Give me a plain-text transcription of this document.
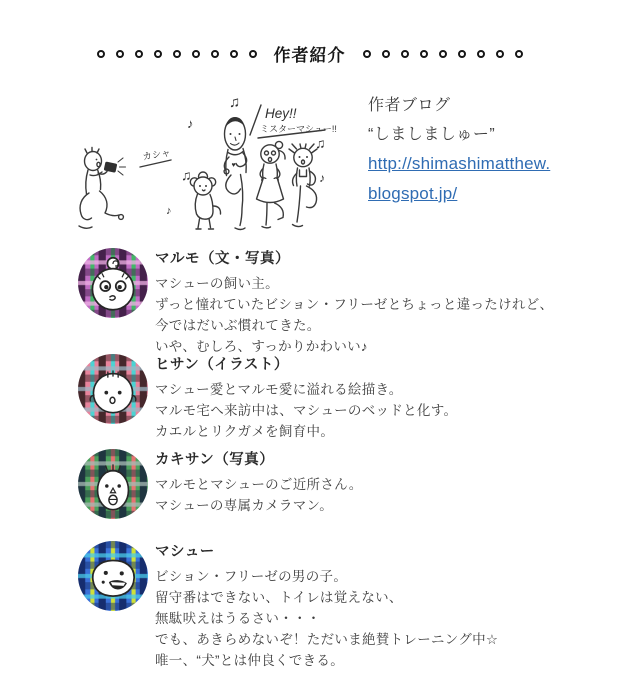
作者紹介
カシャ
♫
♪
♫
♪
♫
♪
♥
Hey!!
ミスターマシュー!!
作者ブログ
“しましましゅー”
http://shimashimatthew.
blogspot.jp/
マルモ（文・写真）
マシューの飼い主。
ずっと憧れていたビション・フリーゼとちょっと違ったけれど、
今ではだいぶ慣れてきた。
いや、むしろ、すっかりかわいい♪
ヒサン（イラスト）
マシュー愛とマルモ愛に溢れる絵描き。
マルモ宅へ来訪中は、マシューのベッドと化す。
カエルとリクガメを飼育中。
カキサン（写真）
マルモとマシューのご近所さん。
マシューの専属カメラマン。
マシュー
ビション・フリーゼの男の子。
留守番はできない、トイレは覚えない、
無駄吠えはうるさい・・・
でも、あきらめないぞ！ただいま絶賛トレーニング中☆
唯一、“犬”とは仲良くできる。
